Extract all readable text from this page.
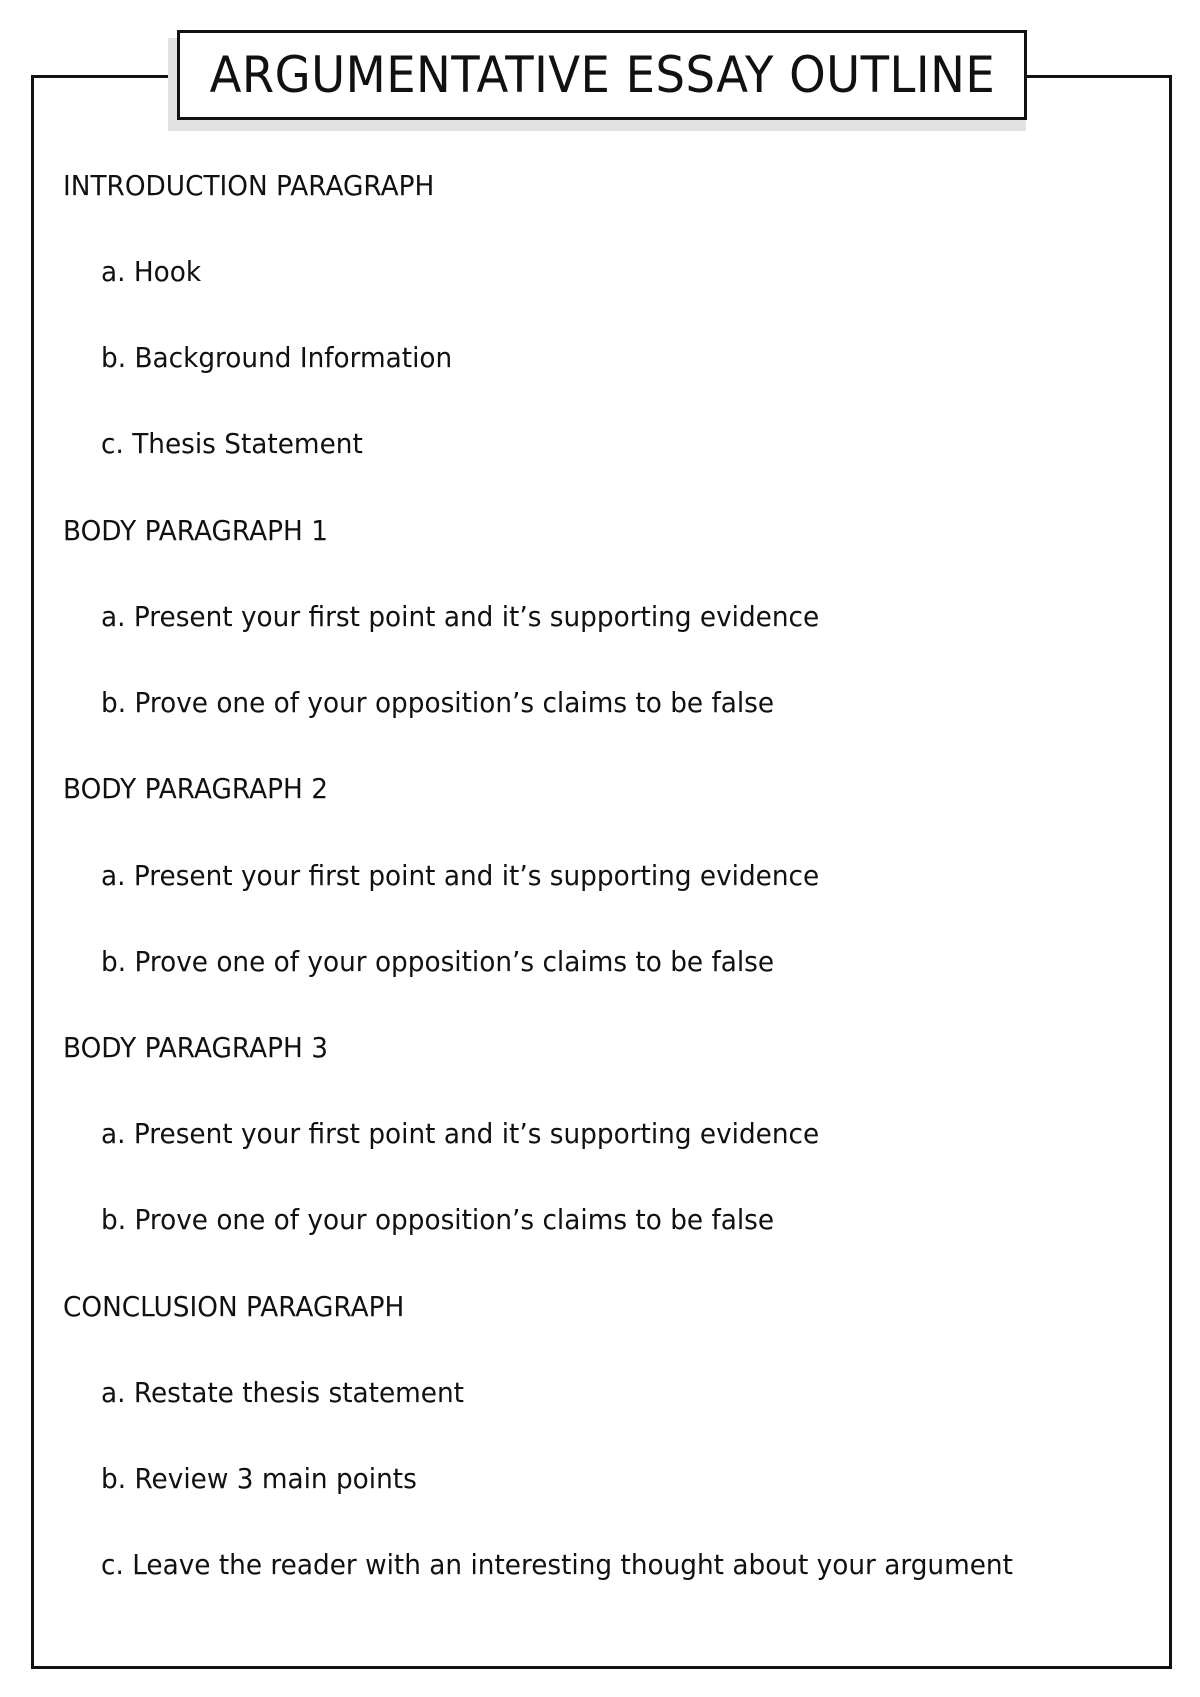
ARGUMENTATIVE ESSAY OUTLINE
INTRODUCTION PARAGRAPH
a. Hook
b. Background Information
c. Thesis Statement
BODY PARAGRAPH 1
a. Present your first point and it’s supporting evidence
b. Prove one of your opposition’s claims to be false
BODY PARAGRAPH 2
a. Present your first point and it’s supporting evidence
b. Prove one of your opposition’s claims to be false
BODY PARAGRAPH 3
a. Present your first point and it’s supporting evidence
b. Prove one of your opposition’s claims to be false
CONCLUSION PARAGRAPH
a. Restate thesis statement
b. Review 3 main points
c. Leave the reader with an interesting thought about your argument
